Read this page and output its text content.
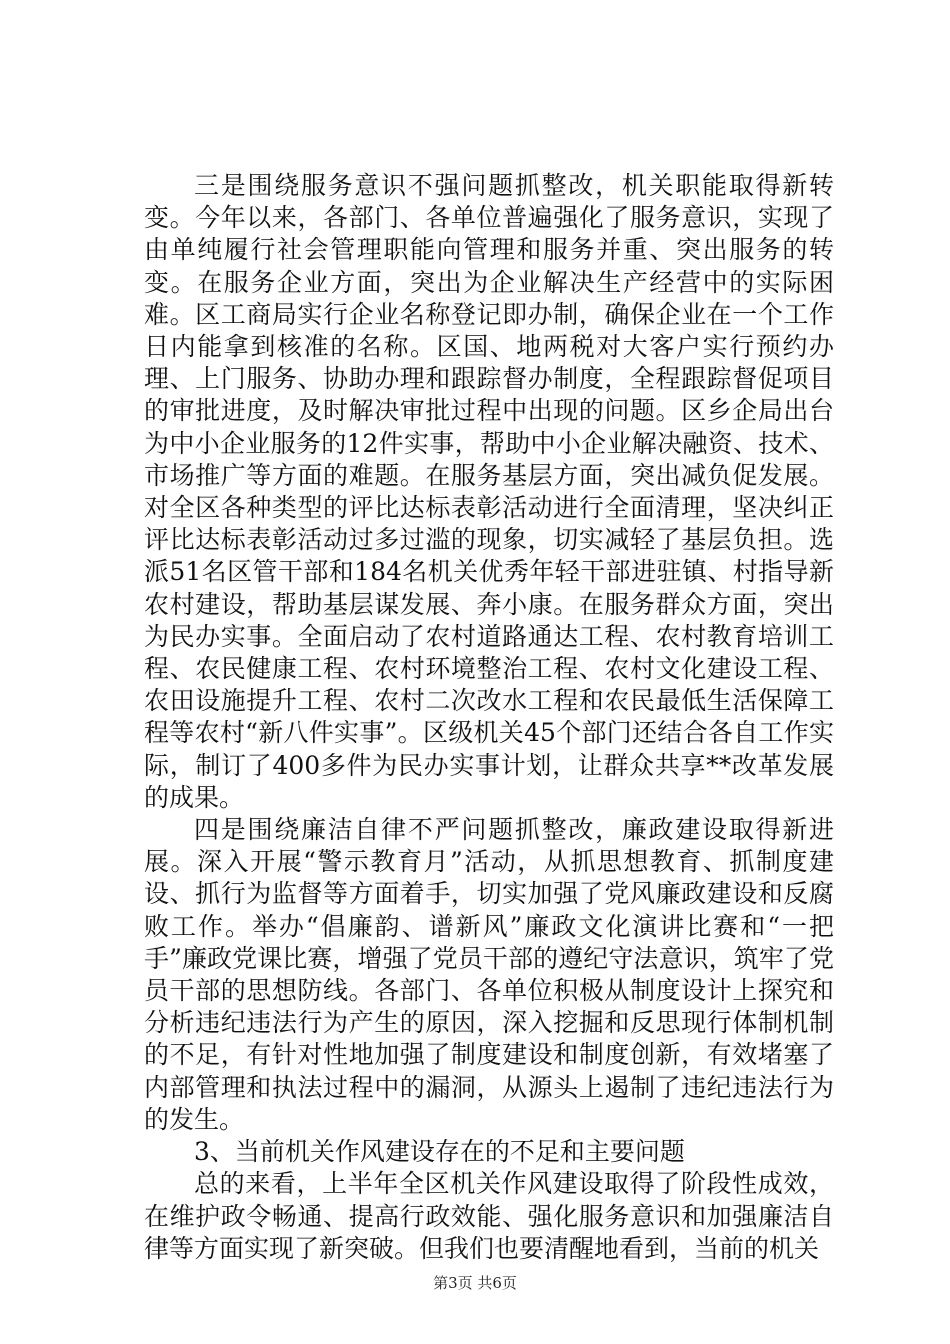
三是围绕服务意识不强问题抓整改，机关职能取得新转变。今年以来，各部门、各单位普遍强化了服务意识，实现了由单纯履行社会管理职能向管理和服务并重、突出服务的转变。在服务企业方面，突出为企业解决生产经营中的实际困难。区工商局实行企业名称登记即办制，确保企业在一个工作日内能拿到核准的名称。区国、地两税对大客户实行预约办理、上门服务、协助办理和跟踪督办制度，全程跟踪督促项目的审批进度，及时解决审批过程中出现的问题。区乡企局出台为中小企业服务的12件实事，帮助中小企业解决融资、技术、市场推广等方面的难题。在服务基层方面，突出减负促发展。对全区各种类型的评比达标表彰活动进行全面清理，坚决纠正评比达标表彰活动过多过滥的现象，切实减轻了基层负担。选派51名区管干部和184名机关优秀年轻干部进驻镇、村指导新农村建设，帮助基层谋发展、奔小康。在服务群众方面，突出为民办实事。全面启动了农村道路通达工程、农村教育培训工程、农民健康工程、农村环境整治工程、农村文化建设工程、农田设施提升工程、农村二次改水工程和农民最低生活保障工程等农村“新八件实事”。区级机关45个部门还结合各自工作实际，制订了400多件为民办实事计划，让群众共享**改革发展的成果。

四是围绕廉洁自律不严问题抓整改，廉政建设取得新进展。深入开展“警示教育月”活动，从抓思想教育、抓制度建设、抓行为监督等方面着手，切实加强了党风廉政建设和反腐败工作。举办“倡廉韵、谱新风”廉政文化演讲比赛和“一把手”廉政党课比赛，增强了党员干部的遵纪守法意识，筑牢了党员干部的思想防线。各部门、各单位积极从制度设计上探究和分析违纪违法行为产生的原因，深入挖掘和反思现行体制机制的不足，有针对性地加强了制度建设和制度创新，有效堵塞了内部管理和执法过程中的漏洞，从源头上遏制了违纪违法行为的发生。

3、当前机关作风建设存在的不足和主要问题

总的来看，上半年全区机关作风建设取得了阶段性成效，在维护政令畅通、提高行政效能、强化服务意识和加强廉洁自律等方面实现了新突破。但我们也要清醒地看到，当前的机关

第3页 共6页
